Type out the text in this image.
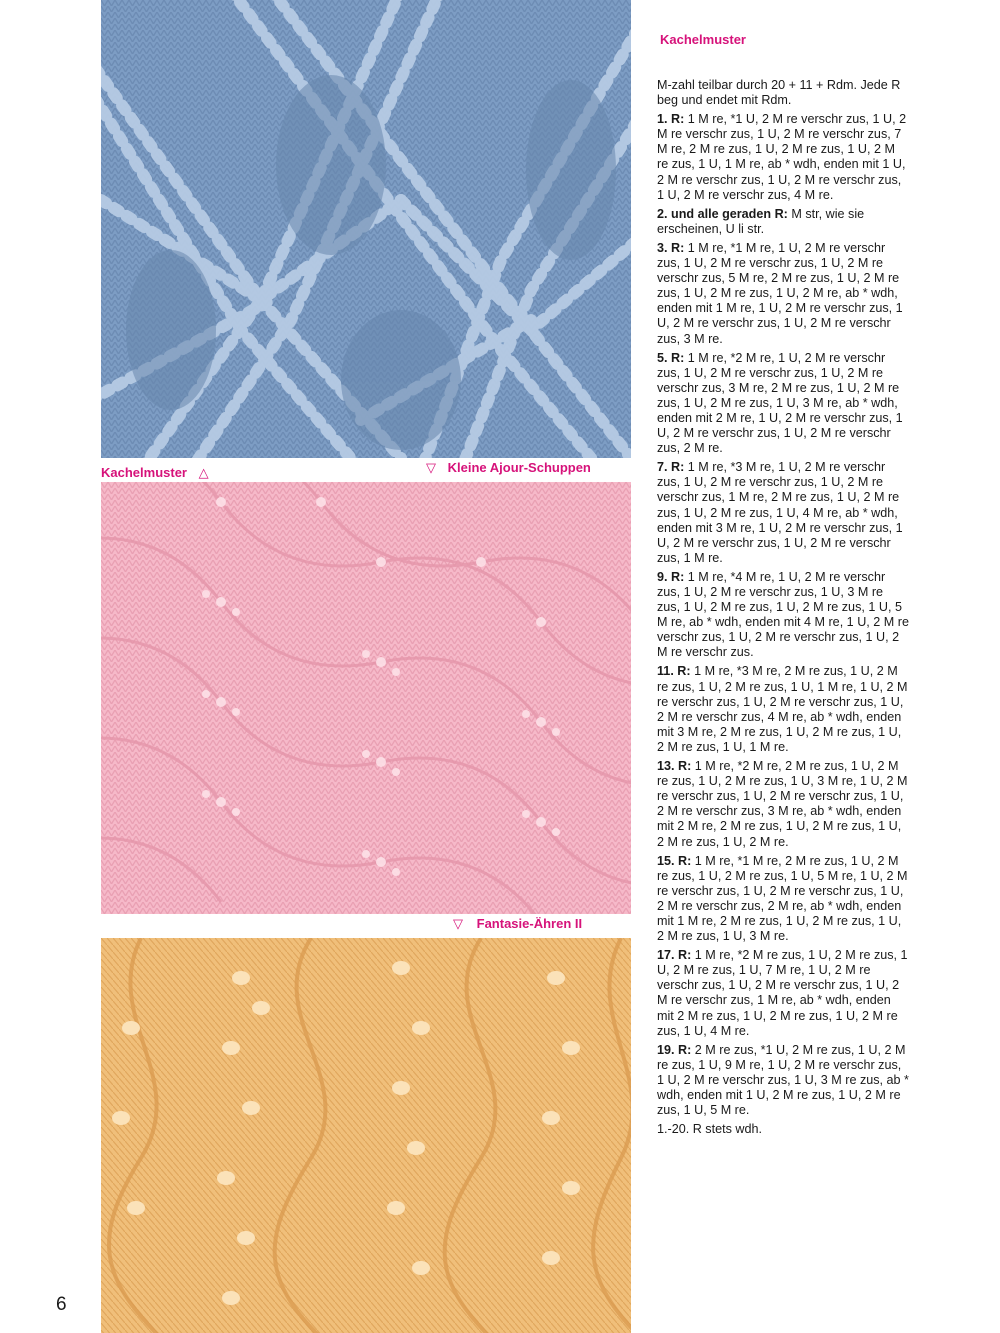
Kachelmuster △	▽ Kleine Ajour-Schuppen
▽ Fantasie-Ähren II
Kachelmuster

M-zahl teilbar durch 20 + 11 + Rdm. Jede R beg und endet mit Rdm.

1. R: 1 M re, *1 U, 2 M re verschr zus, 1 U, 2 M re verschr zus, 1 U, 2 M re verschr zus, 7 M re, 2 M re zus, 1 U, 2 M re zus, 1 U, 2 M re zus, 1 U, 1 M re, ab * wdh, enden mit 1 U, 2 M re verschr zus, 1 U, 2 M re verschr zus, 1 U, 2 M re verschr zus, 4 M re.

2. und alle geraden R: M str, wie sie erscheinen, U li str.

3. R: 1 M re, *1 M re, 1 U, 2 M re verschr zus, 1 U, 2 M re verschr zus, 1 U, 2 M re verschr zus, 5 M re, 2 M re zus, 1 U, 2 M re zus, 1 U, 2 M re zus, 1 U, 2 M re, ab * wdh, enden mit 1 M re, 1 U, 2 M re verschr zus, 1 U, 2 M re verschr zus, 1 U, 2 M re verschr zus, 3 M re.

5. R: 1 M re, *2 M re, 1 U, 2 M re verschr zus, 1 U, 2 M re verschr zus, 1 U, 2 M re verschr zus, 3 M re, 2 M re zus, 1 U, 2 M re zus, 1 U, 2 M re zus, 1 U, 3 M re, ab * wdh, enden mit 2 M re, 1 U, 2 M re verschr zus, 1 U, 2 M re verschr zus, 1 U, 2 M re verschr zus, 2 M re.

7. R: 1 M re, *3 M re, 1 U, 2 M re verschr zus, 1 U, 2 M re verschr zus, 1 U, 2 M re verschr zus, 1 M re, 2 M re zus, 1 U, 2 M re zus, 1 U, 2 M re zus, 1 U, 4 M re, ab * wdh, enden mit 3 M re, 1 U, 2 M re verschr zus, 1 U, 2 M re verschr zus, 1 U, 2 M re verschr zus, 1 M re.

9. R: 1 M re, *4 M re, 1 U, 2 M re verschr zus, 1 U, 2 M re verschr zus, 1 U, 3 M re zus, 1 U, 2 M re zus, 1 U, 2 M re zus, 1 U, 5 M re, ab * wdh, enden mit 4 M re, 1 U, 2 M re verschr zus, 1 U, 2 M re verschr zus, 1 U, 2 M re verschr zus.

11. R: 1 M re, *3 M re, 2 M re zus, 1 U, 2 M re zus, 1 U, 2 M re zus, 1 U, 1 M re, 1 U, 2 M re verschr zus, 1 U, 2 M re verschr zus, 1 U, 2 M re verschr zus, 4 M re, ab * wdh, enden mit 3 M re, 2 M re zus, 1 U, 2 M re zus, 1 U, 2 M re zus, 1 U, 1 M re.

13. R: 1 M re, *2 M re, 2 M re zus, 1 U, 2 M re zus, 1 U, 2 M re zus, 1 U, 3 M re, 1 U, 2 M re verschr zus, 1 U, 2 M re verschr zus, 1 U, 2 M re verschr zus, 3 M re, ab * wdh, enden mit 2 M re, 2 M re zus, 1 U, 2 M re zus, 1 U, 2 M re zus, 1 U, 2 M re.

15. R: 1 M re, *1 M re, 2 M re zus, 1 U, 2 M re zus, 1 U, 2 M re zus, 1 U, 5 M re, 1 U, 2 M re verschr zus, 1 U, 2 M re verschr zus, 1 U, 2 M re verschr zus, 2 M re, ab * wdh, enden mit 1 M re, 2 M re zus, 1 U, 2 M re zus, 1 U, 2 M re zus, 1 U, 3 M re.

17. R: 1 M re, *2 M re zus, 1 U, 2 M re zus, 1 U, 2 M re zus, 1 U, 7 M re, 1 U, 2 M re verschr zus, 1 U, 2 M re verschr zus, 1 U, 2 M re verschr zus, 1 M re, ab * wdh, enden mit 2 M re zus, 1 U, 2 M re zus, 1 U, 2 M re zus, 1 U, 4 M re.

19. R: 2 M re zus, *1 U, 2 M re zus, 1 U, 2 M re zus, 1 U, 9 M re, 1 U, 2 M re verschr zus, 1 U, 2 M re verschr zus, 1 U, 3 M re zus, ab * wdh, enden mit 1 U, 2 M re zus, 1 U, 2 M re zus, 1 U, 5 M re.

1.-20. R stets wdh.

6
